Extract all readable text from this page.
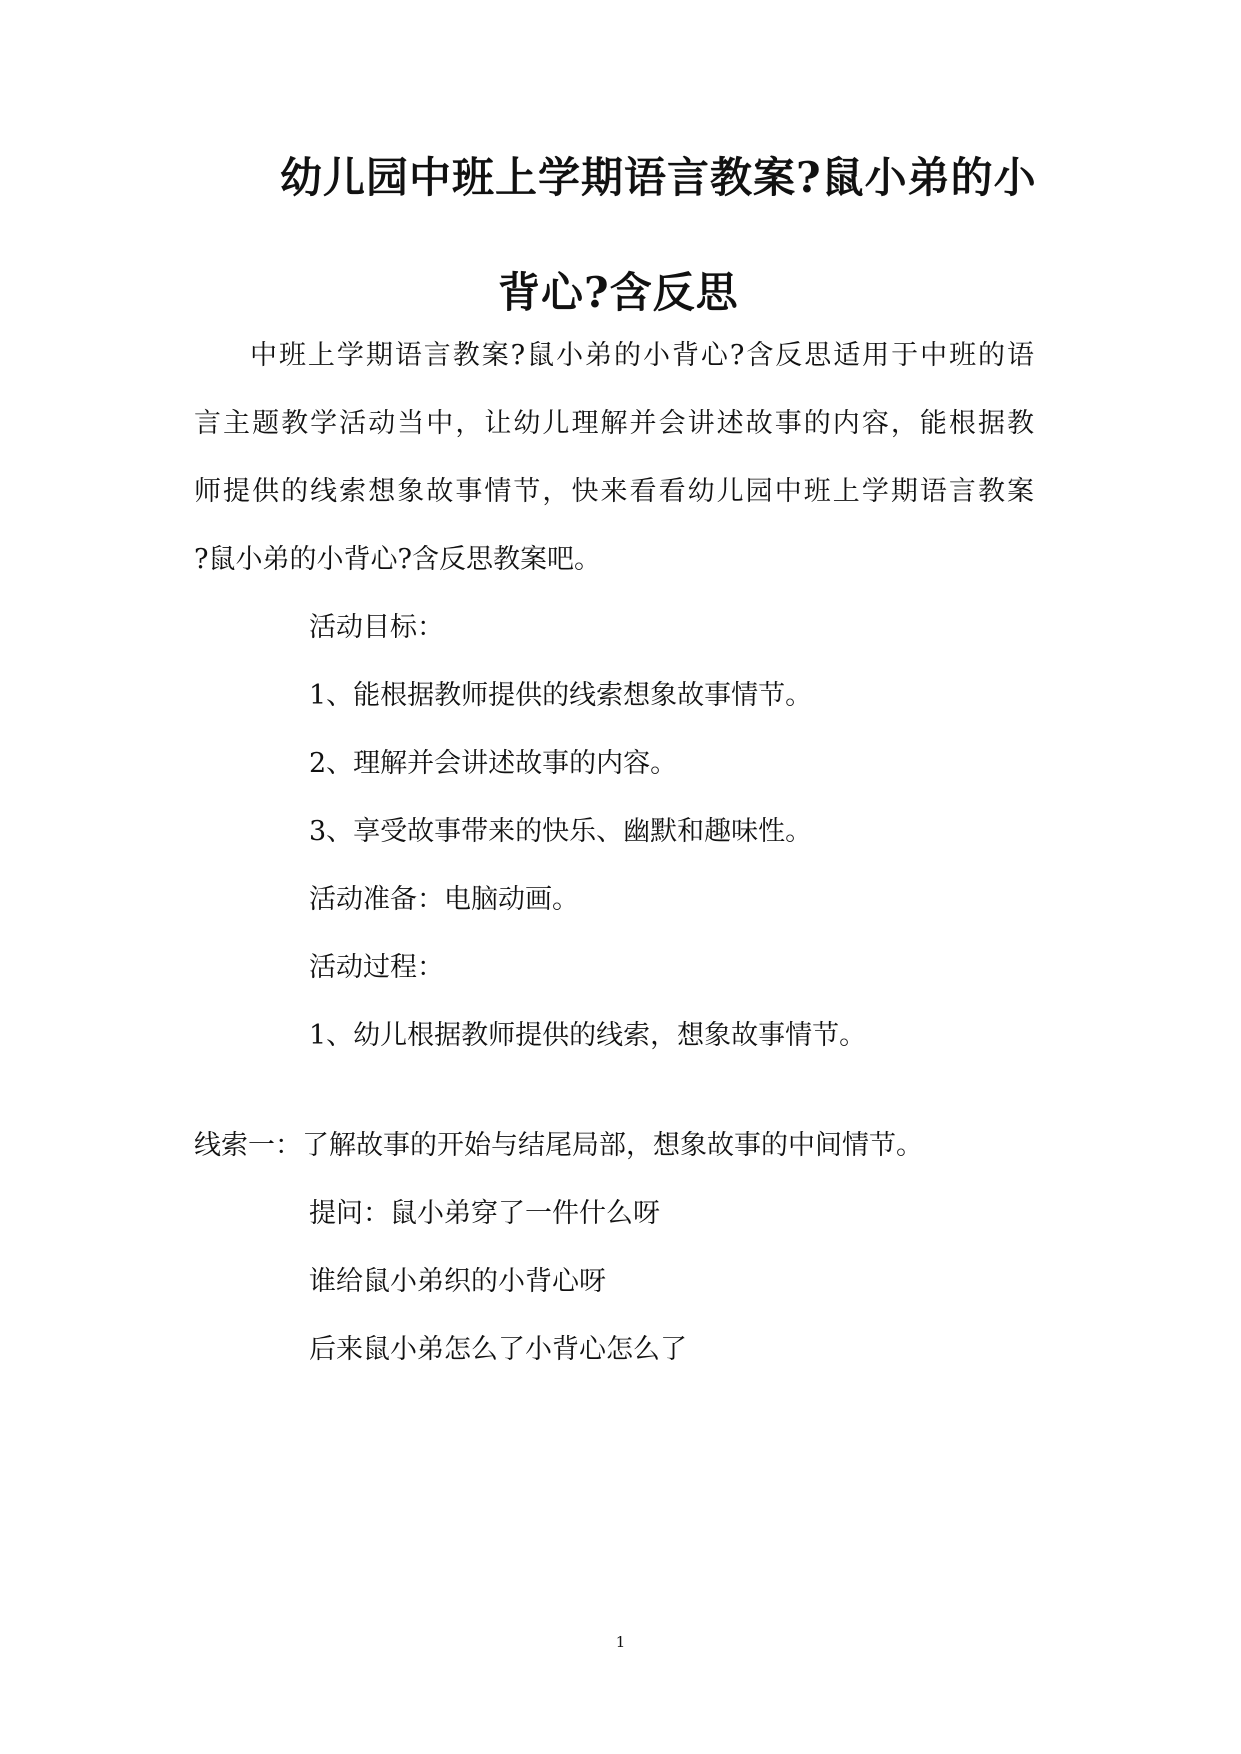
幼儿园中班上学期语言教案?鼠小弟的小
背心?含反思
中班上学期语言教案?鼠小弟的小背心?含反思适用于中班的语
言主题教学活动当中，让幼儿理解并会讲述故事的内容，能根据教
师提供的线索想象故事情节，快来看看幼儿园中班上学期语言教案
?鼠小弟的小背心?含反思教案吧。
活动目标：
1、能根据教师提供的线索想象故事情节。
2、理解并会讲述故事的内容。
3、享受故事带来的快乐、幽默和趣味性。
活动准备：电脑动画。
活动过程：
1、幼儿根据教师提供的线索，想象故事情节。
线索一：了解故事的开始与结尾局部，想象故事的中间情节。
提问：鼠小弟穿了一件什么呀
谁给鼠小弟织的小背心呀
后来鼠小弟怎么了小背心怎么了
1
